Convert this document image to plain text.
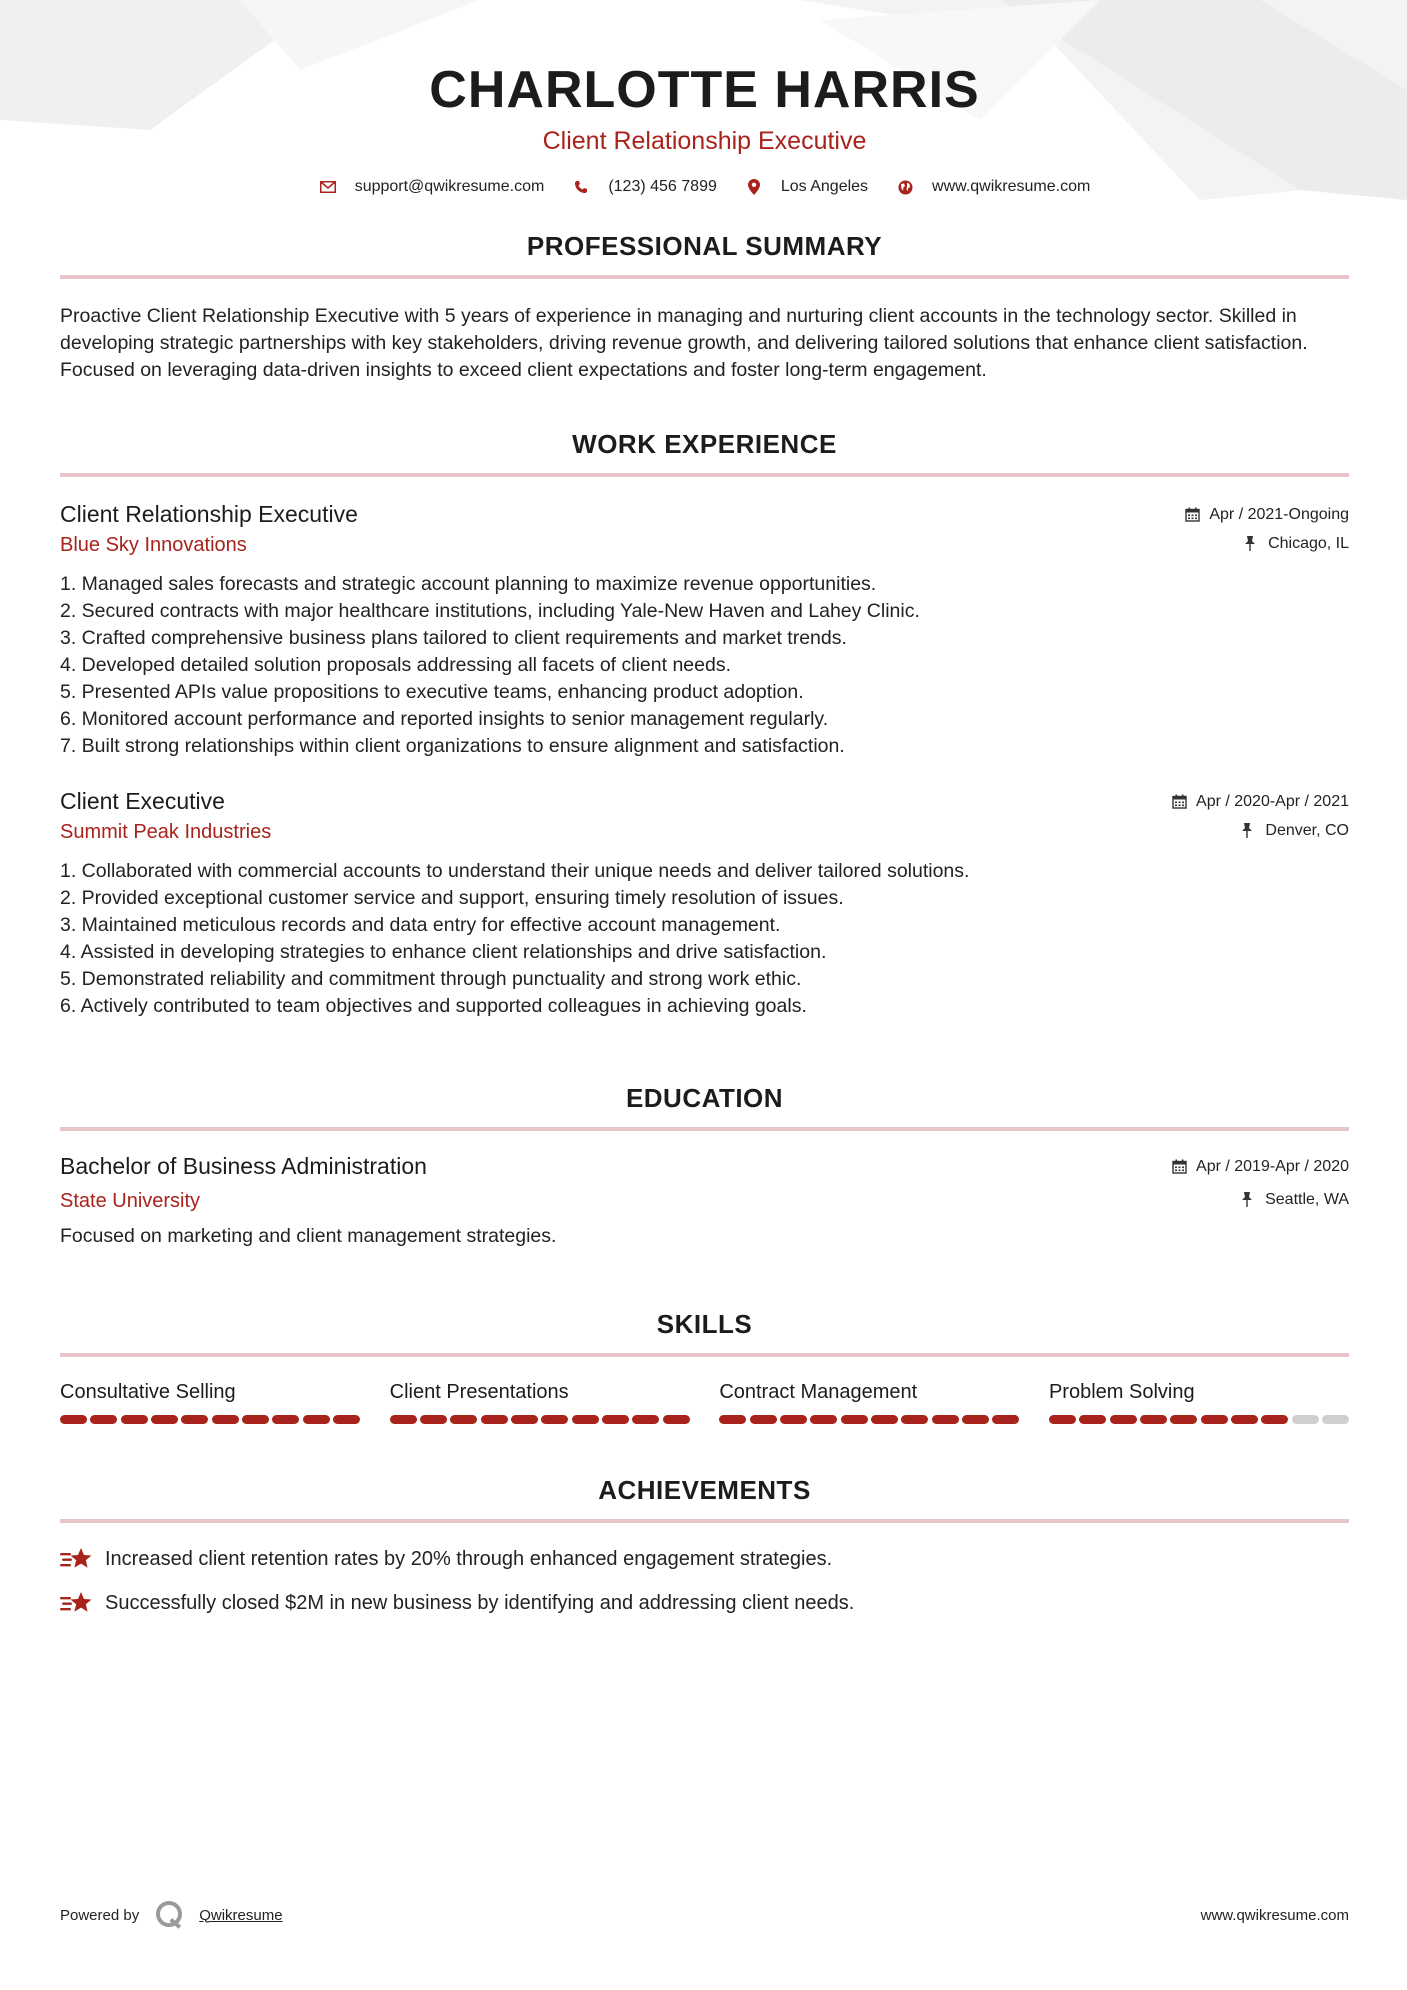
CHARLOTTE HARRIS
Client Relationship Executive
support@qwikresume.com	(123) 456 7899	Los Angeles	www.qwikresume.com
PROFESSIONAL SUMMARY

Proactive Client Relationship Executive with 5 years of experience in managing and nurturing client accounts in the technology sector. Skilled in developing strategic partnerships with key stakeholders, driving revenue growth, and delivering tailored solutions that enhance client satisfaction. Focused on leveraging data-driven insights to exceed client expectations and foster long-term engagement.

WORK EXPERIENCE
Client Relationship Executive	Apr / 2021-Ongoing
Blue Sky Innovations	Chicago, IL
1. Managed sales forecasts and strategic account planning to maximize revenue opportunities.
2. Secured contracts with major healthcare institutions, including Yale-New Haven and Lahey Clinic.
3. Crafted comprehensive business plans tailored to client requirements and market trends.
4. Developed detailed solution proposals addressing all facets of client needs.
5. Presented APIs value propositions to executive teams, enhancing product adoption.
6. Monitored account performance and reported insights to senior management regularly.
7. Built strong relationships within client organizations to ensure alignment and satisfaction.
Client Executive	Apr / 2020-Apr / 2021
Summit Peak Industries	Denver, CO
1. Collaborated with commercial accounts to understand their unique needs and deliver tailored solutions.
2. Provided exceptional customer service and support, ensuring timely resolution of issues.
3. Maintained meticulous records and data entry for effective account management.
4. Assisted in developing strategies to enhance client relationships and drive satisfaction.
5. Demonstrated reliability and commitment through punctuality and strong work ethic.
6. Actively contributed to team objectives and supported colleagues in achieving goals.
EDUCATION
Bachelor of Business Administration	Apr / 2019-Apr / 2020
State University	Seattle, WA

Focused on marketing and client management strategies.

SKILLS
Consultative Selling	Client Presentations	Contract Management	Problem Solving
ACHIEVEMENTS
Increased client retention rates by 20% through enhanced engagement strategies.
Successfully closed $2M in new business by identifying and addressing client needs.
Powered by	Qwikresume	www.qwikresume.com
